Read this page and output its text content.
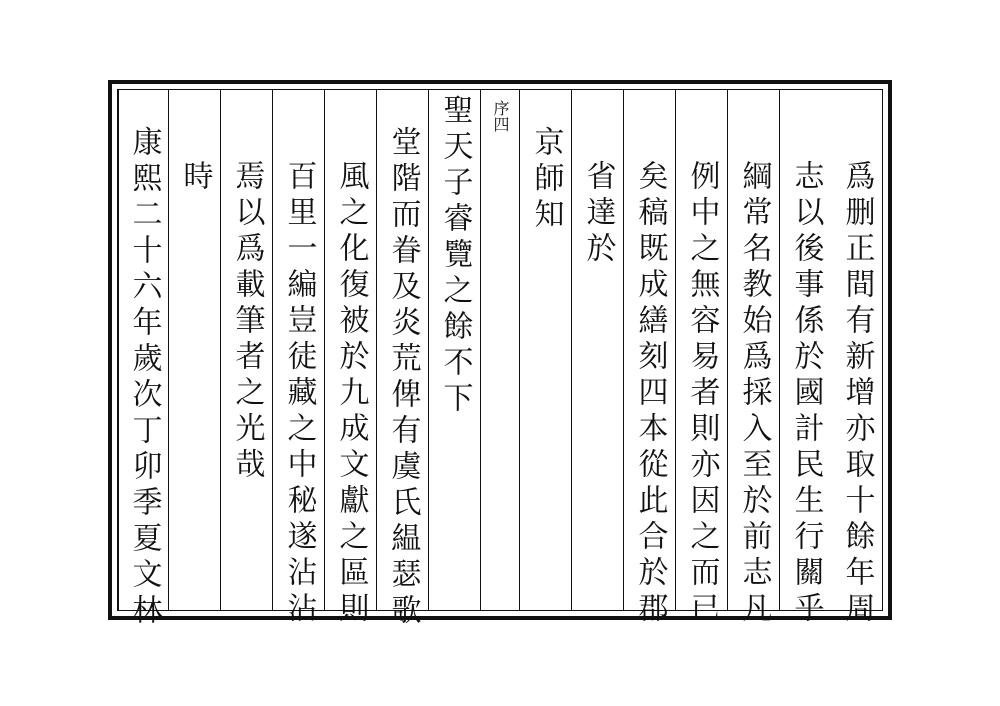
爲删正間有新增亦取十餘年周
志以後事係於國計民生行關乎
綱常名教始爲採入至於前志凡
例中之無容易者則亦因之而已
矣稿既成繕刻四本從此合於郡
省達於
京師知
序四
聖天子睿覽之餘不下
堂階而眷及炎荒俾有虞氏緼瑟歌
風之化復被於九成文獻之區則
百里一編豈徒藏之中秘遂沾沾
焉以爲載筆者之光哉
時
康熙二十六年歲次丁卯季夏文林
